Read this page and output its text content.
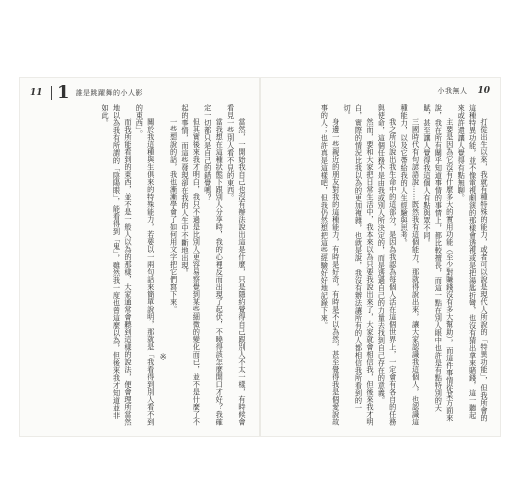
11 1 誰是跳躍舞的小人影

當然，一開始我自己也沒有辦法說出這是什麼，只是隱約覺得自己跟別人不太一樣，有時候會看見一些別人看不見的東西。

當我想在這種狀態下跟別人分享時，我的心裡反而出現了起伏，不曉得該怎麼開口才好？我確定一切都只是自己的錯覺嗎？

但其實後來我才明白，我只不過是比別人更容易察覺到某些細微的變化而已，並不是什麼了不起的事情，而這些發現卻在我的人生中不斷地出現。

一些想說的話，我也漸漸學會了如何用文字把它們寫下來。

※

關於我這種與生俱來的特殊能力，若要以一兩句話來簡單說明，那就是「我看得到別人看不到的東西」。

而我所能看到的東西，並不是一般人以為的那樣，大家通常會聽到這樣的說法，便會理所當然地以為我有所謂的「陰陽眼」，能看得到「鬼」，雖然我一度也曾這麼以為，但後來我才知道並非如此。

小我無人 10

打從出生以來，我就有種特殊的能力，或者可以說是現代人所說的「特異功能」，但我所會的這種特異功能，並不像電視劇演的那樣會透視或是把湯匙折彎，也沒有猜出拿來賭錢，這一聽起來或許還讓人覺得有點無聊。

主要是因為它沒有什麼多大的實用功能（至少對賺錢沒有多大幫助），而這件事情從某方面來說，我在所有關乎知道事情的事情上，都比較擅長，而這一點在別人眼中也許是有點特別的天賦，甚至讓人覺得我這個人有點與眾不同。

三國時代有句諺語說……既然我有這個能力，那就得說出來，讓大家認識我這個人，也認識這種能力，以及它帶給我的人生經驗與思考。

我之所以說出我生命中的這部分，是因為我認為每個人活在這個世界上，一定會有各自的任務與使命，這個任務不是由我或別人所決定的，而是透過自己的力量去找到自己存在的意義。

然而，要和大家把日常生活中，我本來以為只要我說出來了，大家就會相信我，但後來我才明白，實際的情況比我以為的更加複雜，也就是說，我沒有辦法讓所有的人都相信我所看到的一切。

身邊一些親近的朋友對我的這種能力，有時是好奇，有時是不以為然，甚至覺得我是個愛說故事的人；也許真是這樣吧，但我仍然想把這些經驗好好地記錄下來。
